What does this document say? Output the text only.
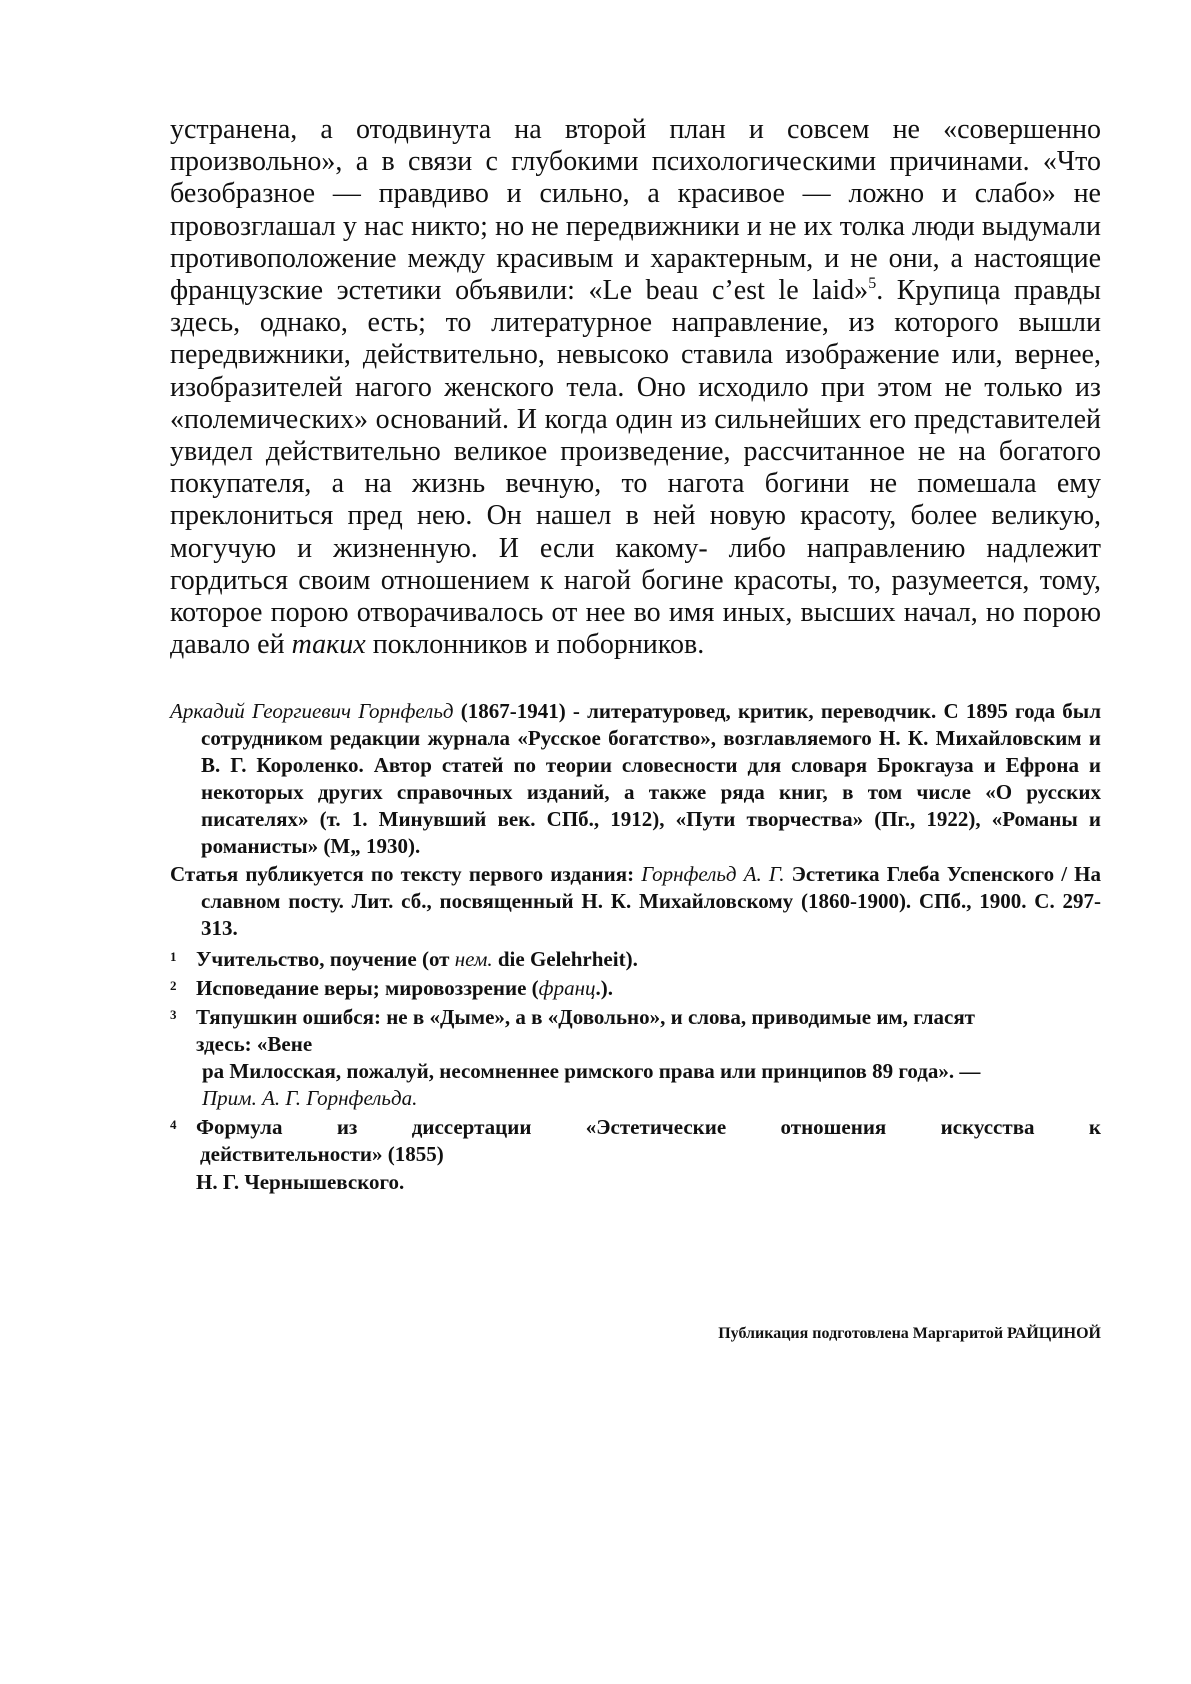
устранена, а отодвинута на второй план и совсем не «совершенно произвольно», а в связи с глубокими психологическими причинами. «Что безобразное — правдиво и сильно, а красивое — ложно и слабо» не провозглашал у нас никто; но не передвижники и не их толка люди выдумали противоположение между красивым и характерным, и не они, а настоящие французские эстетики объявили: «Le beau c’est le laid»$^5$. Крупица правды здесь, однако, есть; то литературное направление, из которого вышли передвижники, действительно, невысоко ставила изображение или, вернее, изобразителей нагого женского тела. Оно исходило при этом не только из «полемических» оснований. И когда один из сильнейших его представителей увидел действительно великое произведение, рассчитанное не на богатого покупателя, а на жизнь вечную, то нагота богини не помешала ему преклониться пред нею. Он нашел в ней новую красоту, более великую, могучую и жизненную. И если какому- либо направлению надлежит гордиться своим отношением к нагой богине красоты, то, разумеется, тому, которое порою отворачивалось от нее во имя иных, высших начал, но порою давало ей таких поклонников и поборников.

Аркадий Георгиевич Горнфельд (1867-1941) - литературовед, критик, переводчик. С 1895 года был сотрудником редакции журнала «Русское богатство», возглавляемого Н. К. Михайловским и В. Г. Короленко. Автор статей по теории словесности для словаря Брокгауза и Ефрона и некоторых других справочных изданий, а также ряда книг, в том числе «О русских писателях» (т. 1. Минувший век. СПб., 1912), «Пути творчества» (Пг., 1922), «Романы и романисты» (М„ 1930).

Статья публикуется по тексту первого издания: Горнфельд А. Г. Эстетика Глеба Успенского / На славном посту. Лит. сб., посвященный Н. К. Михайловскому (1860-1900). СПб., 1900. С. 297-313.

1 Учительство, поучение (от нем. die Gelehrheit).
2 Исповедание веры; мировоззрение (франц.).
3 Тяпушкин ошибся: не в «Дыме», а в «Довольно», и слова, приводимые им, гласят
здесь: «Вене
ра Милосская, пожалуй, несомненнее римского права или принципов 89 года». —
Прим. А. Г. Горнфельда.
4 Формула из диссертации «Эстетические отношения искусства к
действительности» (1855)
Н. Г. Чернышевского.
Публикация подготовлена Маргаритой РАЙЦИНОЙ
